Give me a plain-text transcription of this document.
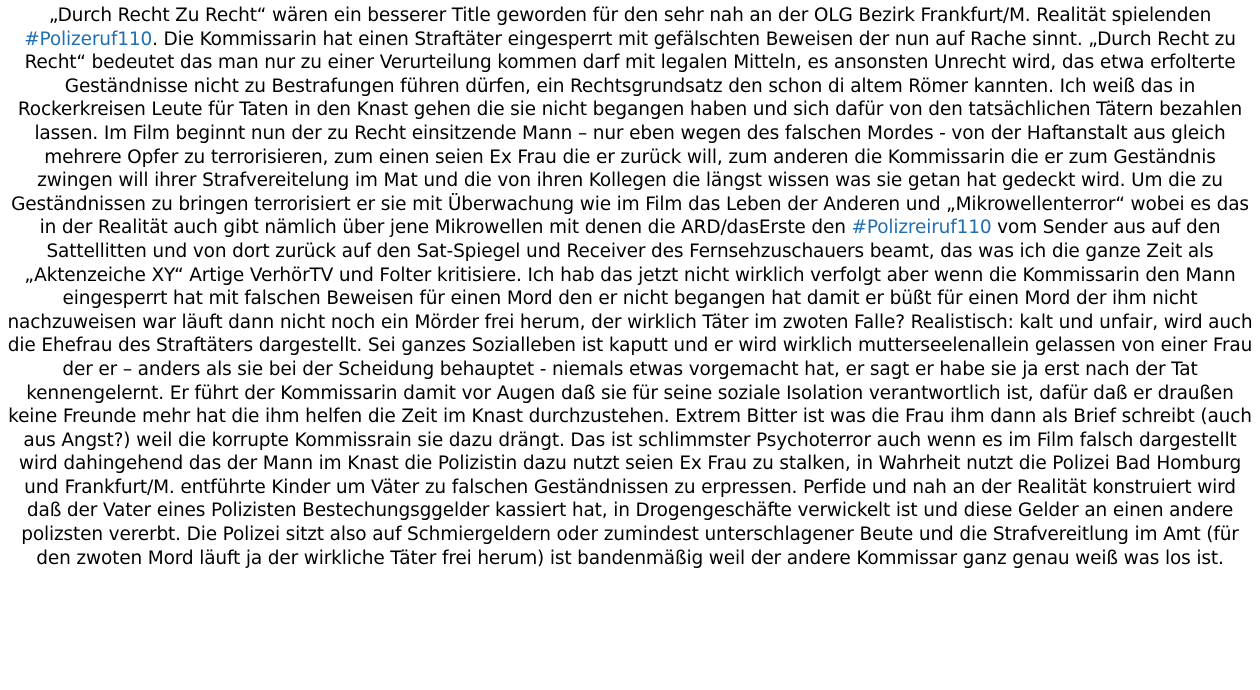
„Durch Recht Zu Recht“ wären ein besserer Title geworden für den sehr nah an der OLG Bezirk Frankfurt/M. Realität spielenden #Polizeruf110. Die Kommissarin hat einen Straftäter eingesperrt mit gefälschten Beweisen der nun auf Rache sinnt. „Durch Recht zu Recht“ bedeutet das man nur zu einer Verurteilung kommen darf mit legalen Mitteln, es ansonsten Unrecht wird, das etwa erfolterte Geständnisse nicht zu Bestrafungen führen dürfen, ein Rechtsgrundsatz den schon di altem Römer kannten. Ich weiß das in Rockerkreisen Leute für Taten in den Knast gehen die sie nicht begangen haben und sich dafür von den tatsächlichen Tätern bezahlen lassen. Im Film beginnt nun der zu Recht einsitzende Mann – nur eben wegen des falschen Mordes - von der Haftanstalt aus gleich mehrere Opfer zu terrorisieren, zum einen seien Ex Frau die er zurück will, zum anderen die Kommissarin die er zum Geständnis zwingen will ihrer Strafvereitelung im Mat und die von ihren Kollegen die längst wissen was sie getan hat gedeckt wird. Um die zu Geständnissen zu bringen terrorisiert er sie mit Überwachung wie im Film das Leben der Anderen und „Mikrowellenterror“ wobei es das in der Realität auch gibt nämlich über jene Mikrowellen mit denen die ARD/dasErste den #Polizreiruf110 vom Sender aus auf den Sattellitten und von dort zurück auf den Sat-Spiegel und Receiver des Fernsehzuschauers beamt, das was ich die ganze Zeit als „Aktenzeiche XY“ Artige VerhörTV und Folter kritisiere. Ich hab das jetzt nicht wirklich verfolgt aber wenn die Kommissarin den Mann eingesperrt hat mit falschen Beweisen für einen Mord den er nicht begangen hat damit er büßt für einen Mord der ihm nicht nachzuweisen war läuft dann nicht noch ein Mörder frei herum, der wirklich Täter im zwoten Falle? Realistisch: kalt und unfair, wird auch die Ehefrau des Straftäters dargestellt. Sei ganzes Sozialleben ist kaputt und er wird wirklich mutterseelenallein gelassen von einer Frau der er – anders als sie bei der Scheidung behauptet - niemals etwas vorgemacht hat, er sagt er habe sie ja erst nach der Tat kennengelernt. Er führt der Kommissarin damit vor Augen daß sie für seine soziale Isolation verantwortlich ist, dafür daß er draußen keine Freunde mehr hat die ihm helfen die Zeit im Knast durchzustehen. Extrem Bitter ist was die Frau ihm dann als Brief schreibt (auch aus Angst?) weil die korrupte Kommissrain sie dazu drängt. Das ist schlimmster Psychoterror auch wenn es im Film falsch dargestellt wird dahingehend das der Mann im Knast die Polizistin dazu nutzt seien Ex Frau zu stalken, in Wahrheit nutzt die Polizei Bad Homburg und Frankfurt/M. entführte Kinder um Väter zu falschen Geständnissen zu erpressen. Perfide und nah an der Realität konstruiert wird daß der Vater eines Polizisten Bestechungsggelder kassiert hat, in Drogengeschäfte verwickelt ist und diese Gelder an einen andere polizsten vererbt. Die Polizei sitzt also auf Schmiergeldern oder zumindest unterschlagener Beute und die Strafvereitlung im Amt (für den zwoten Mord läuft ja der wirkliche Täter frei herum) ist bandenmäßig weil der andere Kommissar ganz genau weiß was los ist.
